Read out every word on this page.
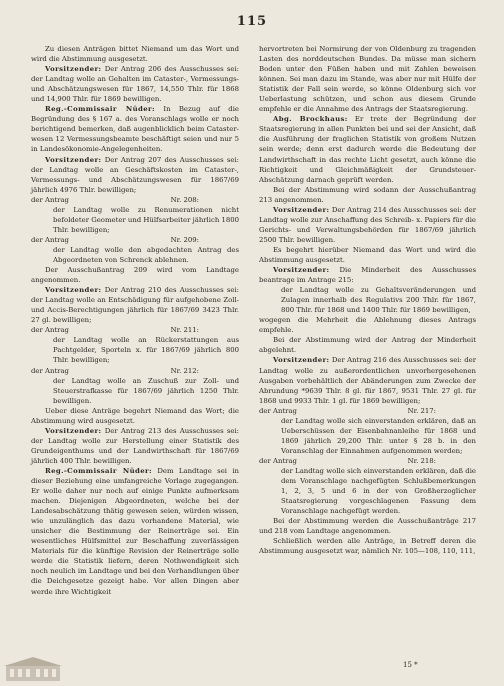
115

Zu diesen Anträgen bittet Niemand um das Wort und wird die Abstimmung ausgesetzt.

Vorsitzender: Der Antrag 206 des Ausschusses sei: der Landtag wolle an Gehalten im Cataster-, Vermessungs- und Abschätzungswesen für 1867, 14,550 Thlr. für 1868 und 14,900 Thlr. für 1869 bewilligen.

Reg.-Commissair Nüder: In Bezug auf die Begründung des § 167 a. des Voranschlags wolle er noch berichtigend bemerken, daß augenblicklich beim Cataster-wesen 12 Vermessungsbeamte beschäftigt seien und nur 5 in Landesökonomie-Angelegenheiten.

Vorsitzender: Der Antrag 207 des Ausschusses sei: der Landtag wolle an Geschäftskosten im Cataster-, Vermessungs- und Abschätzungswesen für 1867/69 jährlich 4976 Thlr. bewilligen;

der Antrag	Nr. 208:

der Landtag wolle zu Renumerationen nicht befoldeter Geometer und Hülfsarbeiter jährlich 1800 Thlr. bewilligen;

der Antrag	Nr. 209:

der Landtag wolle den abgedachten Antrag des Abgeordneten von Schrenck ablehnen.

Der Ausschußantrag 209 wird vom Landtage angenommen.

Vorsitzender: Der Antrag 210 des Ausschusses sei: der Landtag wolle an Entschädigung für aufgehobene Zoll- und Accis-Berechtigungen jährlich für 1867/69 3423 Thlr. 27 gl. bewilligen;

der Antrag	Nr. 211:

der Landtag wolle an Rückerstattungen aus Pachtgelder, Sporteln x. für 1867/69 jährlich 800 Thlr. bewilligen;

der Antrag	Nr. 212:

der Landtag wolle an Zuschuß zur Zoll- und Steuerstrafkasse für 1867/69 jährlich 1250 Thlr. bewilligen.

Ueber diese Anträge begehrt Niemand das Wort; die Abstimmung wird ausgesetzt.

Vorsitzender: Der Antrag 213 des Ausschusses sei: der Landtag wolle zur Herstellung einer Statistik des Grundeigenthums und der Landwirthschaft für 1867/69 jährlich 400 Thlr. bewilligen.

Reg.-Commissair Nüder: Dem Landtage sei in dieser Beziehung eine umfangreiche Vorlage zugegangen. Er wolle daher nur noch auf einige Punkte aufmerksam machen. Diejenigen Abgeordneten, welche bei der Landesabschätzung thätig gewesen seien, würden wissen, wie unzulänglich das dazu vorhandene Material, wie unsicher die Bestimmung der Reinerträge sei. Ein wesentliches Hülfsmittel zur Beschaffung zuverlässigen Materials für die künftige Revision der Reinerträge solle werde die Statistik liefern, deren Nothwendigkeit sich noch neulich im Landtage und bei den Verhandlungen über die Deichgesetze gezeigt habe. Vor allen Dingen aber werde ihre Wichtigkeit

hervortreten bei Normirung der von Oldenburg zu tragenden Lasten des norddeutschen Bundes. Da müsse man sichern Boden unter den Füßen haben und mit Zahlen beweisen können. Sei man dazu im Stande, was aber nur mit Hülfe der Statistik der Fall sein werde, so könne Oldenburg sich vor Ueberlastung schützen, und schon aus diesem Grunde empfehle er die Annahme des Antrags der Staatsregierung.

Abg. Brockhaus: Er trete der Begründung der Staatsregierung in allen Punkten bei und sei der Ansicht, daß die Ausführung der fraglichen Statistik von großem Nutzen sein werde; denn erst dadurch werde die Bedeutung der Landwirthschaft in das rechte Licht gesetzt, auch könne die Richtigkeit und Gleichmäßigkeit der Grundsteuer-Abschätzung darnach geprüft werden.

Bei der Abstimmung wird sodann der Ausschußantrag 213 angenommen.

Vorsitzender: Der Antrag 214 des Ausschusses sei: der Landtag wolle zur Anschaffung des Schreib- x. Papiers für die Gerichts- und Verwaltungsbehörden für 1867/69 jährlich 2500 Thlr. bewilligen.

Es begehrt hierüber Niemand das Wort und wird die Abstimmung ausgesetzt.

Vorsitzender: Die Minderheit des Ausschusses beantrage im Antrage 215:

der Landtag wolle zu Gehaltsveränderungen und Zulagen innerhalb des Regulativs 200 Thlr. für 1867, 800 Thlr. für 1868 und 1400 Thlr. für 1869 bewilligen,

wogegen die Mehrheit die Ablehnung dieses Antrags empfehle.

Bei der Abstimmung wird der Antrag der Minderheit abgelehnt.

Vorsitzender: Der Antrag 216 des Ausschusses sei: der Landtag wolle zu außerordentlichen unvorhergesehenen Ausgaben vorbehältlich der Abänderungen zum Zwecke der Abrundung *9639 Thlr. 8 gl. für 1867, 9531 Thlr. 27 gl. für 1868 und 9933 Thlr. 1 gl. für 1869 bewilligen;

der Antrag	Nr. 217:

der Landtag wolle sich einverstanden erklären, daß an Ueberschüssen der Eisenbahnanleihe für 1868 und 1869 jährlich 29,200 Thlr. unter § 28 b. in den Voranschlag der Einnahmen aufgenommen werden;

der Antrag	Nr. 218:

der Landtag wolle sich einverstanden erklären, daß die dem Voranschlage nachgefügten Schlußbemerkungen 1, 2, 3, 5 und 6 in der von Großherzoglicher Staatsregierung vorgeschlagenen Fassung dem Voranschlage nachgefügt werden.

Bei der Abstimmung werden die Ausschußanträge 217 und 218 vom Landtage angenommen.

Schließlich werden alle Anträge, in Betreff deren die Abstimmung ausgesetzt war, nämlich Nr. 105—108, 110, 111,

15 *
